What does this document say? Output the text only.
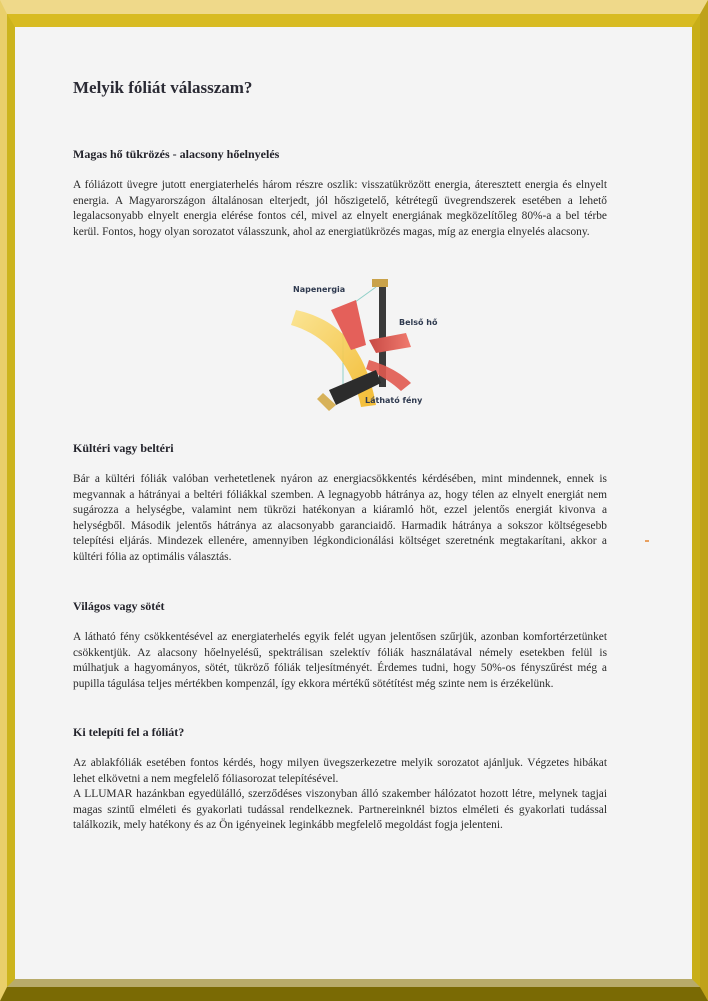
Melyik fóliát válasszam?
Magas hő tükrözés - alacsony hőelnyelés

A fóliázott üvegre jutott energiaterhelés három részre oszlik: visszatükrözött energia, áteresztett energia és elnyelt energia. A Magyarországon általánosan elterjedt, jól hőszigetelő, kétrétegű üvegrendszerek esetében a lehető legalacsonyabb elnyelt energia elérése fontos cél, mivel az elnyelt energiának megközelítőleg 80%-a a bel térbe kerül. Fontos, hogy olyan sorozatot válasszunk, ahol az energiatükrözés magas, míg az energia elnyelés alacsony.

Napenergia
Belső hő
Látható fény
Kültéri vagy beltéri

Bár a kültéri fóliák valóban verhetetlenek nyáron az energiacsökkentés kérdésében, mint mindennek, ennek is megvannak a hátrányai a beltéri fóliákkal szemben. A legnagyobb hátránya az, hogy télen az elnyelt energiát nem sugározza a helységbe, valamint nem tükrözi hatékonyan a kiáramló höt, ezzel jelentős energiát kivonva a helységből. Második jelentős hátránya az alacsonyabb garanciaidő. Harmadik hátránya a sokszor költségesebb telepítési eljárás. Mindezek ellenére, amennyiben légkondicionálási költséget szeretnénk megtakarítani, akkor a kültéri fólia az optimális választás.

Világos vagy sötét

A látható fény csökkentésével az energiaterhelés egyik felét ugyan jelentősen szűrjük, azonban komfortérzetünket csökkentjük. Az alacsony hőelnyelésű, spektrálisan szelektív fóliák használatával némely esetekben felül is múlhatjuk a hagyományos, sötét, tükröző fóliák teljesítményét. Érdemes tudni, hogy 50%-os fényszűrést még a pupilla tágulása teljes mértékben kompenzál, így ekkora mértékű sötétítést még szinte nem is érzékelünk.

Ki telepíti fel a fóliát?

Az ablakfóliák esetében fontos kérdés, hogy milyen üvegszerkezetre melyik sorozatot ajánljuk. Végzetes hibákat lehet elkövetni a nem megfelelő fóliasorozat telepítésével.

A LLUMAR hazánkban egyedülálló, szerződéses viszonyban álló szakember hálózatot hozott létre, melynek tagjai magas szintű elméleti és gyakorlati tudással rendelkeznek. Partnereinknél biztos elméleti és gyakorlati tudással találkozik, mely hatékony és az Ön igényeinek leginkább megfelelő megoldást fogja jelenteni.
